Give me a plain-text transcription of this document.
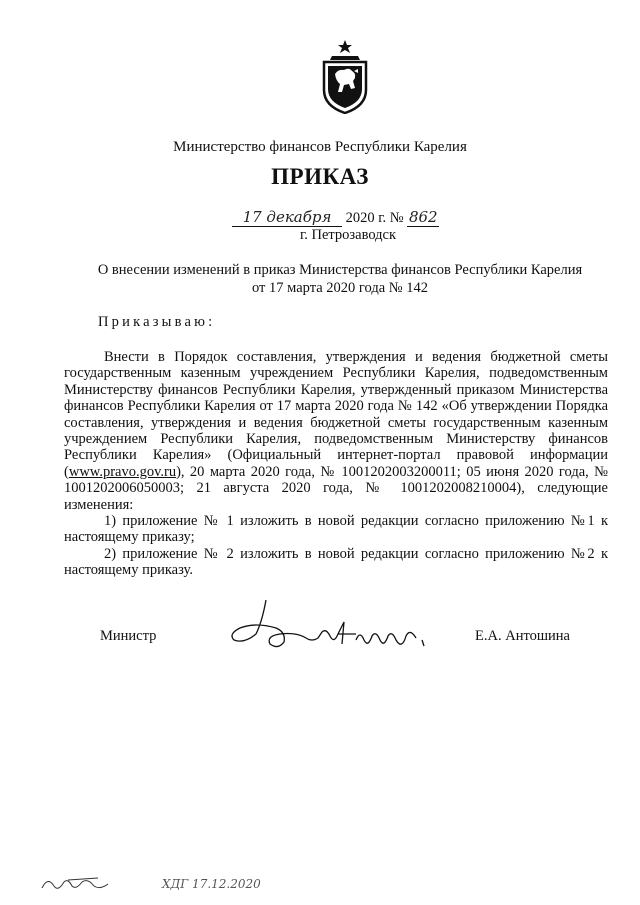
Министерство финансов Республики Карелия
ПРИКАЗ
17 декабря 2020 г. № 862
г. Петрозаводск
О внесении изменений в приказ Министерства финансов Республики Карелия
от 17 марта 2020 года № 142
Приказываю:

Внести в Порядок составления, утверждения и ведения бюджетной сметы государственным казенным учреждением Республики Карелия, подведомственным Министерству финансов Республики Карелия, утвержденный приказом Министерства финансов Республики Карелия от 17 марта 2020 года № 142 «Об утверждении Порядка составления, утверждения и ведения бюджетной сметы государственным казенным учреждением Республики Карелия, подведомственным Министерству финансов Республики Карелия» (Официальный интернет-портал правовой информации (www.pravo.gov.ru), 20 марта 2020 года, № 1001202003200011; 05 июня 2020 года, № 1001202006050003; 21 августа 2020 года, № 1001202008210004), следующие изменения:

1) приложение № 1 изложить в новой редакции согласно приложению №1 к настоящему приказу;

2) приложение № 2 изложить в новой редакции согласно приложению №2 к настоящему приказу.

Министр	Е.А. Антошина
ХДГ 17.12.2020
